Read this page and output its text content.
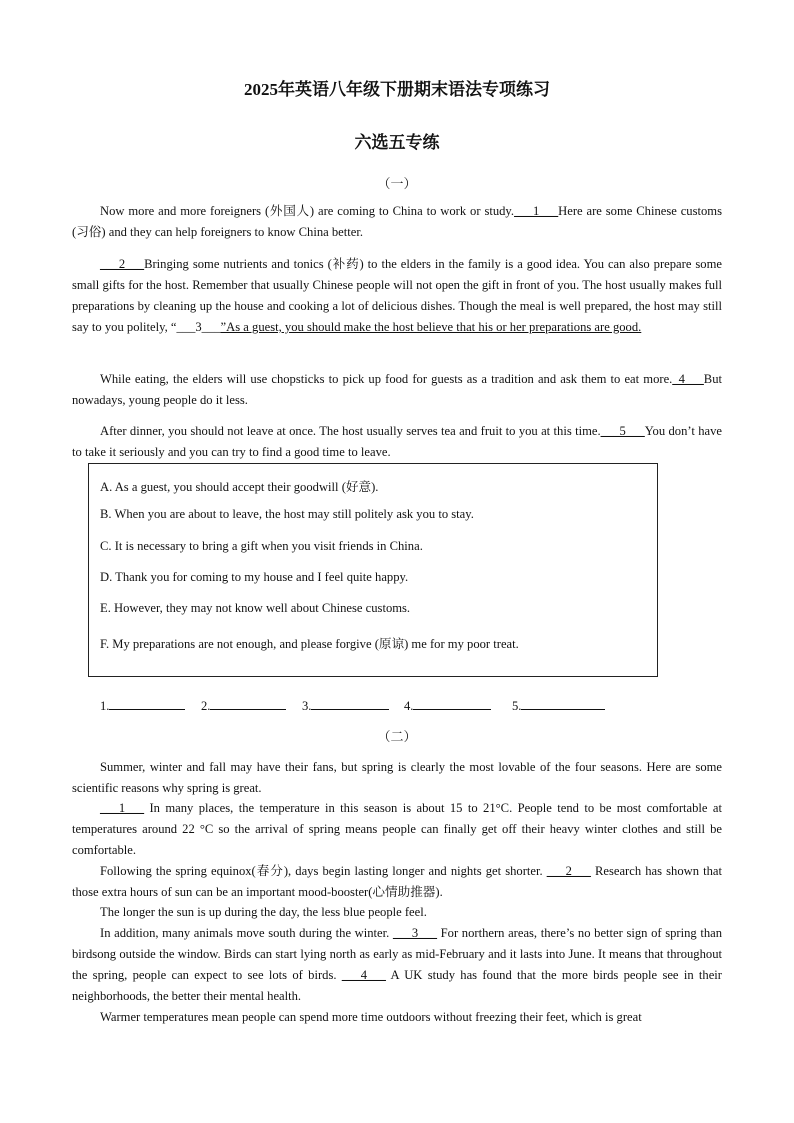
2025年英语八年级下册期末语法专项练习
六选五专练
（一）
Now more and more foreigners (外国人) are coming to China to work or study.___1___Here are some Chinese customs (习俗) and they can help foreigners to know China better.
___2___Bringing some nutrients and tonics (补药) to the elders in the family is a good idea. You can also prepare some small gifts for the host. Remember that usually Chinese people will not open the gift in front of you. The host usually makes full preparations by cleaning up the house and cooking a lot of delicious dishes. Though the meal is well prepared, the host may still say to you politely, “___3___”As a guest, you should make the host believe that his or her preparations are good.
While eating, the elders will use chopsticks to pick up food for guests as a tradition and ask them to eat more._4___But nowadays, young people do it less.
After dinner, you should not leave at once. The host usually serves tea and fruit to you at this time.___5___You don’t have to take it seriously and you can try to find a good time to leave.
A. As a guest, you should accept their goodwill (好意).
B. When you are about to leave, the host may still politely ask you to stay.
C. It is necessary to bring a gift when you visit friends in China.
D. Thank you for coming to my house and I feel quite happy.
E. However, they may not know well about Chinese customs.
F. My preparations are not enough, and please forgive (原谅) me for my poor treat.
1.	2.	3.	4.	5.
（二）
Summer, winter and fall may have their fans, but spring is clearly the most lovable of the four seasons. Here are some scientific reasons why spring is great.
___1___ In many places, the temperature in this season is about 15 to 21°C. People tend to be most comfortable at temperatures around 22 °C so the arrival of spring means people can finally get off their heavy winter clothes and still be comfortable.
Following the spring equinox(春分), days begin lasting longer and nights get shorter. ___2___ Research has shown that those extra hours of sun can be an important mood-booster(心情助推器).
The longer the sun is up during the day, the less blue people feel.
In addition, many animals move south during the winter. ___3___ For northern areas, there’s no better sign of spring than birdsong outside the window. Birds can start lying north as early as mid-February and it lasts into June. It means that throughout the spring, people can expect to see lots of birds. ___4___ A UK study has found that the more birds people see in their neighborhoods, the better their mental health.
Warmer temperatures mean people can spend more time outdoors without freezing their feet, which is great
